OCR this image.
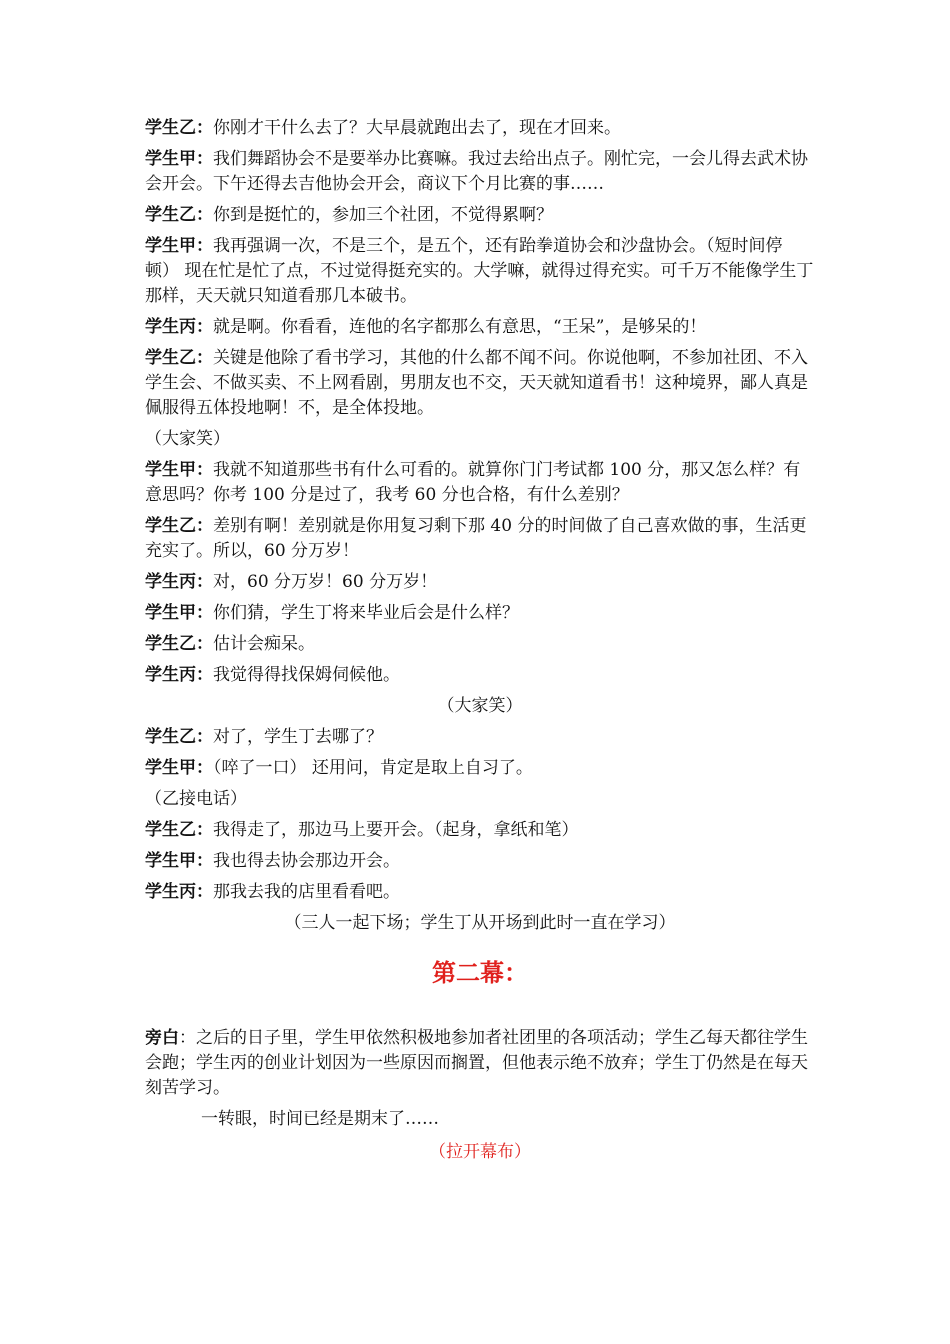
学生乙：你刚才干什么去了？大早晨就跑出去了，现在才回来。

学生甲：我们舞蹈协会不是要举办比赛嘛。我过去给出点子。刚忙完，一会儿得去武术协会开会。下午还得去吉他协会开会，商议下个月比赛的事……

学生乙：你到是挺忙的，参加三个社团，不觉得累啊？

学生甲：我再强调一次，不是三个，是五个，还有跆拳道协会和沙盘协会。（短时间停顿） 现在忙是忙了点，不过觉得挺充实的。大学嘛，就得过得充实。可千万不能像学生丁那样，天天就只知道看那几本破书。

学生丙：就是啊。你看看，连他的名字都那么有意思，“王呆”，是够呆的！

学生乙：关键是他除了看书学习，其他的什么都不闻不问。你说他啊，不参加社团、不入学生会、不做买卖、不上网看剧，男朋友也不交，天天就知道看书！这种境界，鄙人真是佩服得五体投地啊！不，是全体投地。

（大家笑）

学生甲：我就不知道那些书有什么可看的。就算你门门考试都 100 分，那又怎么样？有意思吗？你考 100 分是过了，我考 60 分也合格，有什么差别？

学生乙：差别有啊！差别就是你用复习剩下那 40 分的时间做了自己喜欢做的事，生活更充实了。所以，60 分万岁！

学生丙：对，60 分万岁！60 分万岁！

学生甲：你们猜，学生丁将来毕业后会是什么样？

学生乙：估计会痴呆。

学生丙：我觉得得找保姆伺候他。

（大家笑）

学生乙：对了，学生丁去哪了？

学生甲：（啐了一口） 还用问，肯定是取上自习了。

（乙接电话）

学生乙：我得走了，那边马上要开会。（起身，拿纸和笔）

学生甲：我也得去协会那边开会。

学生丙：那我去我的店里看看吧。

（三人一起下场；学生丁从开场到此时一直在学习）

第二幕：

旁白：之后的日子里，学生甲依然积极地参加者社团里的各项活动；学生乙每天都往学生会跑；学生丙的创业计划因为一些原因而搁置，但他表示绝不放弃；学生丁仍然是在每天刻苦学习。

一转眼，时间已经是期末了……

（拉开幕布）
